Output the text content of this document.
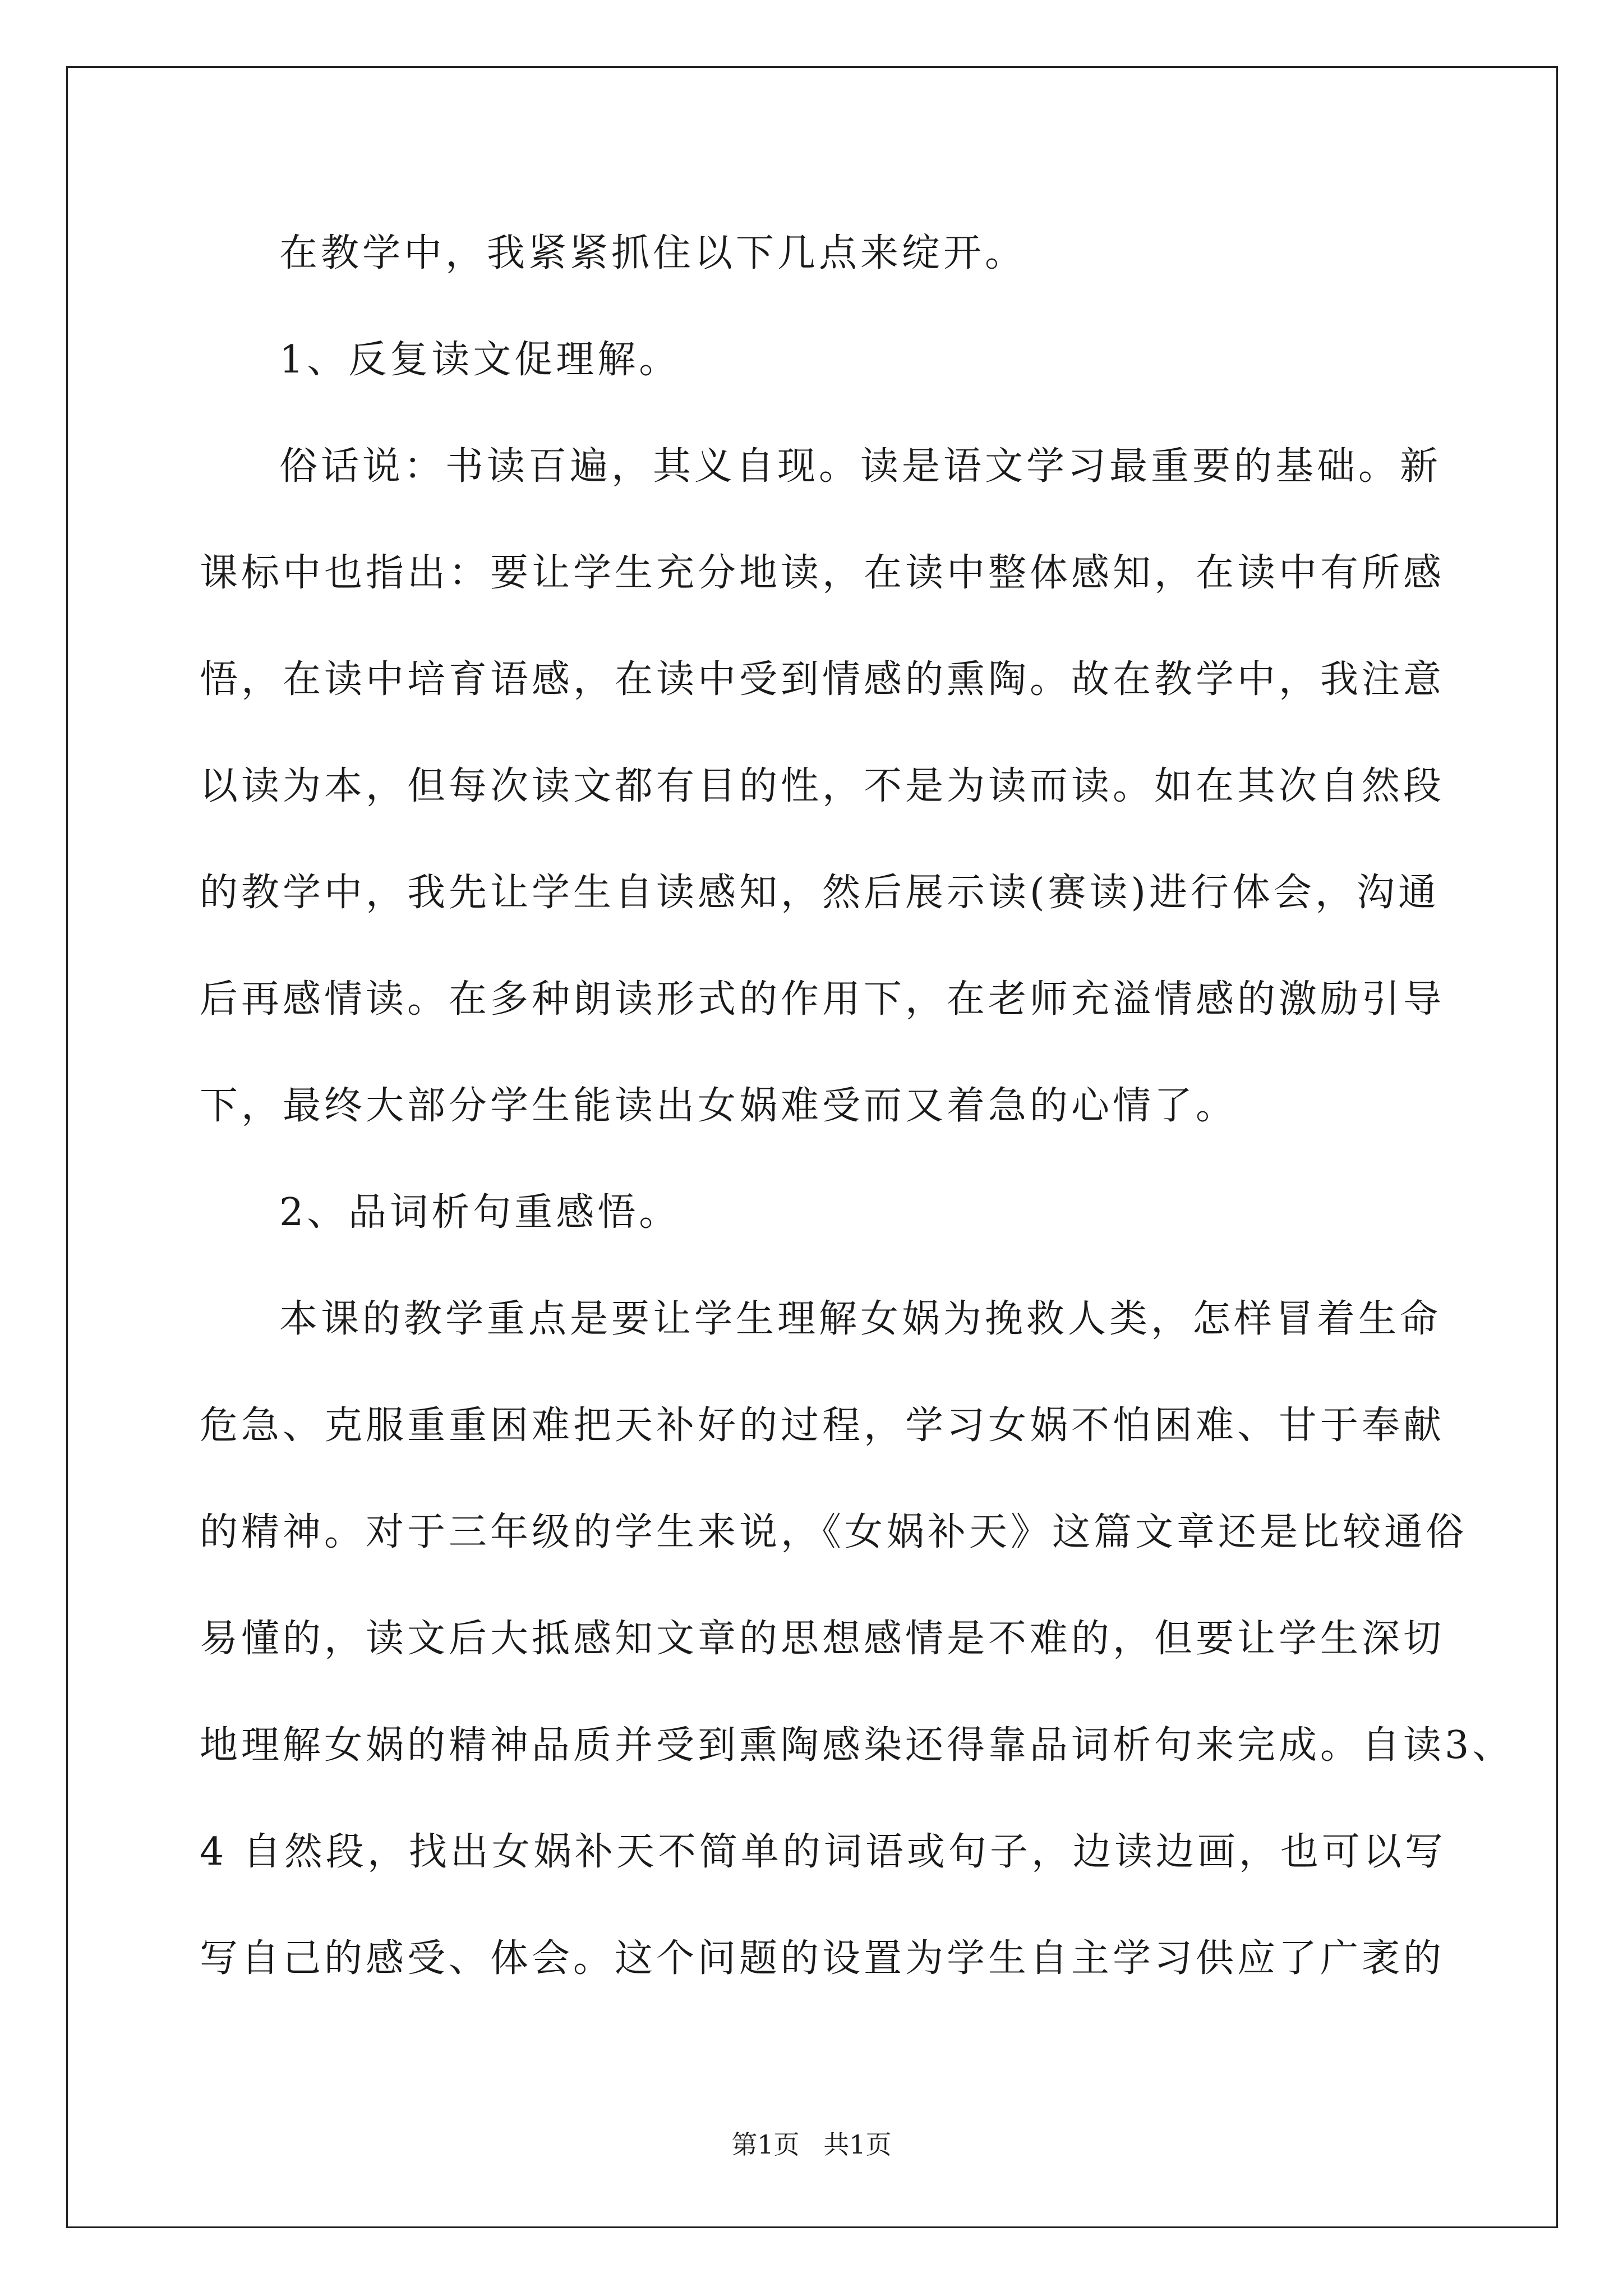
在教学中，我紧紧抓住以下几点来绽开。
1、反复读文促理解。
俗话说：书读百遍，其义自现。读是语文学习最重要的基础。新
课标中也指出：要让学生充分地读，在读中整体感知，在读中有所感
悟，在读中培育语感，在读中受到情感的熏陶。故在教学中，我注意
以读为本，但每次读文都有目的性，不是为读而读。如在其次自然段
的教学中，我先让学生自读感知，然后展示读(赛读)进行体会，沟通
后再感情读。在多种朗读形式的作用下，在老师充溢情感的激励引导
下，最终大部分学生能读出女娲难受而又着急的心情了。
2、品词析句重感悟。
本课的教学重点是要让学生理解女娲为挽救人类，怎样冒着生命
危急、克服重重困难把天补好的过程，学习女娲不怕困难、甘于奉献
的精神。对于三年级的学生来说，《女娲补天》这篇文章还是比较通俗
易懂的，读文后大抵感知文章的思想感情是不难的，但要让学生深切
地理解女娲的精神品质并受到熏陶感染还得靠品词析句来完成。自读3、
4 自然段，找出女娲补天不简单的词语或句子，边读边画，也可以写
写自己的感受、体会。这个问题的设置为学生自主学习供应了广袤的
第1页 共1页
